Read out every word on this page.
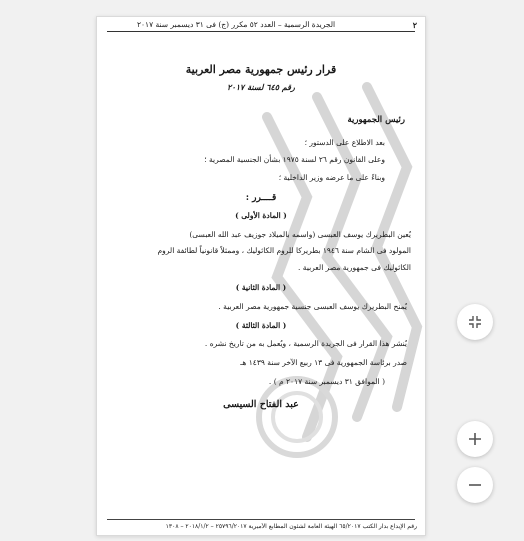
٢
الجريدة الرسمية – العدد ٥٢ مكرر (ج) فى ٣١ ديسمبر سنة ٢٠١٧
قرار رئيس جمهورية مصر العربية
رقم ٦٤٥ لسنة ٢٠١٧
رئيس الجمهورية
بعد الاطلاع على الدستور ؛
وعلى القانون رقم ٢٦ لسنة ١٩٧٥ بشأن الجنسية المصرية ؛
وبناءً على ما عرضه وزير الداخلية ؛
قــــرر :
( المادة الأولى )
يُعين البطريرك يوسف العبسى (واسمه بالميلاد جوزيف عبد الله العبسى)
المولود فى الشام سنة ١٩٤٦ بطريركا للروم الكاثوليك ، وممثلاً قانونياً لطائفة الروم
الكاثوليك فى جمهورية مصر العربية .
( المادة الثانية )
يُمنح البطريرك يوسف العبسى جنسية جمهورية مصر العربية .
( المادة الثالثة )
يُنشر هذا القرار فى الجريدة الرسمية ، ويُعمل به من تاريخ نشره .
صدر برئاسة الجمهورية فى ١٣ ربيع الآخر سنة ١٤٣٩ هـ
( الموافق ٣١ ديسمبر سنة ٢٠١٧ م ) .
عبد الفتاح السيسى
رقم الإيداع بدار الكتب ٦٥/٢٠١٧ الهيئة العامة لشئون المطابع الأميرية ٢٥٧٩٦/٢٠١٧ – ٢٠١٨/١/٢ – ١٣٠٨
